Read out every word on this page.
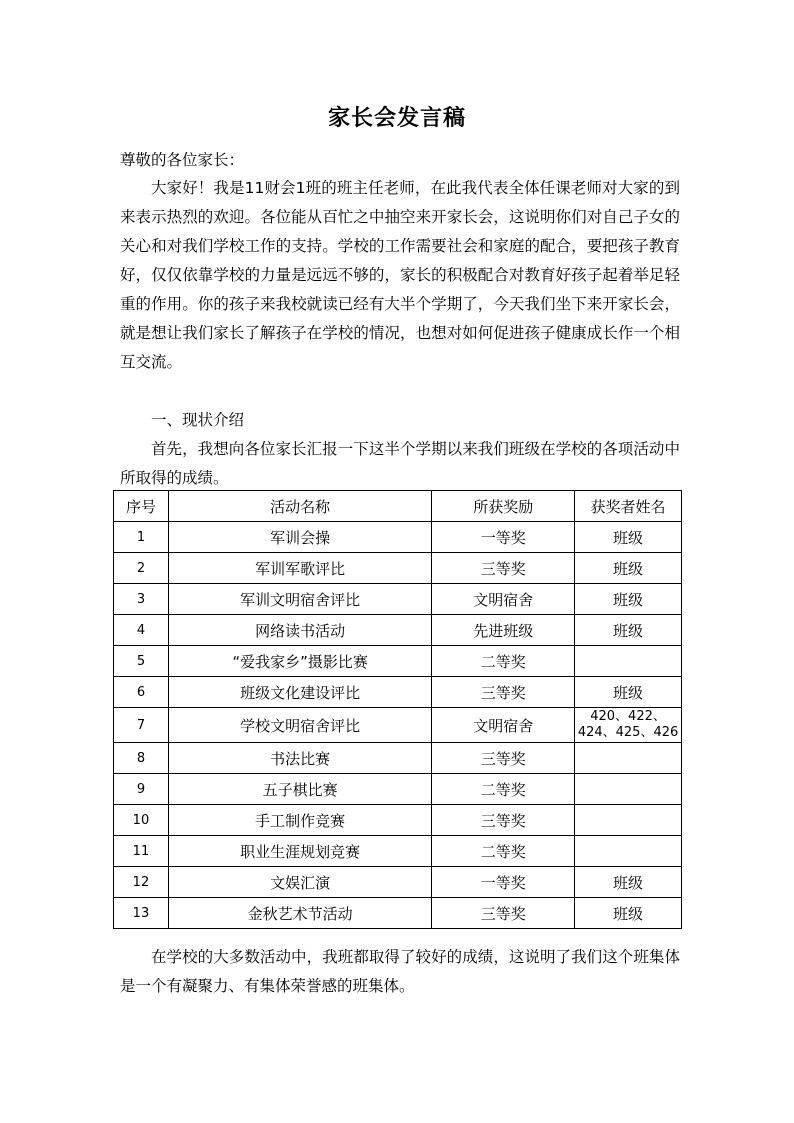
家长会发言稿

尊敬的各位家长：

大家好！我是11财会1班的班主任老师，在此我代表全体任课老师对大家的到来表示热烈的欢迎。各位能从百忙之中抽空来开家长会，这说明你们对自己子女的关心和对我们学校工作的支持。学校的工作需要社会和家庭的配合，要把孩子教育好，仅仅依靠学校的力量是远远不够的，家长的积极配合对教育好孩子起着举足轻重的作用。你的孩子来我校就读已经有大半个学期了，今天我们坐下来开家长会，就是想让我们家长了解孩子在学校的情况，也想对如何促进孩子健康成长作一个相互交流。

一、现状介绍

首先，我想向各位家长汇报一下这半个学期以来我们班级在学校的各项活动中所取得的成绩。

序号	活动名称	所获奖励	获奖者姓名
1	军训会操	一等奖	班级
2	军训军歌评比	三等奖	班级
3	军训文明宿舍评比	文明宿舍	班级
4	网络读书活动	先进班级	班级
5	“爱我家乡”摄影比赛	二等奖	
6	班级文化建设评比	三等奖	班级
7	学校文明宿舍评比	文明宿舍	420、422、424、425、426
8	书法比赛	三等奖	
9	五子棋比赛	二等奖	
10	手工制作竞赛	三等奖	
11	职业生涯规划竞赛	二等奖	
12	文娱汇演	一等奖	班级
13	金秋艺术节活动	三等奖	班级

在学校的大多数活动中，我班都取得了较好的成绩，这说明了我们这个班集体是一个有凝聚力、有集体荣誉感的班集体。
